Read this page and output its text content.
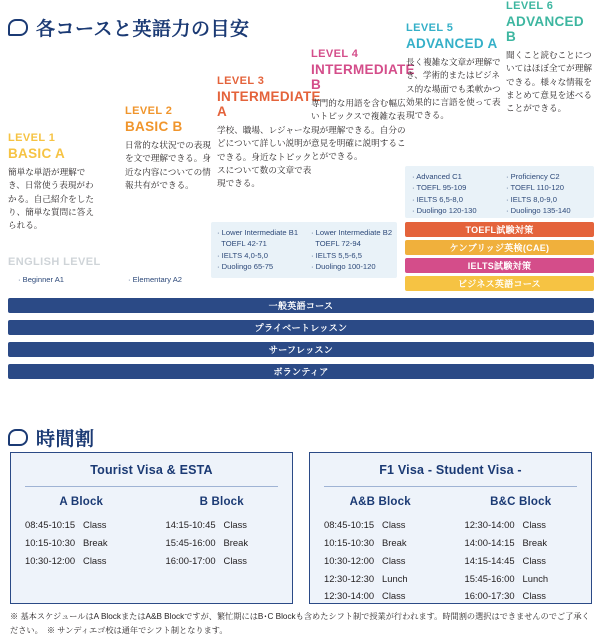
各コースと英語力の目安
LEVEL 1
BASIC A
簡単な単語が理解でき、日常使う表現がわかる。自己紹介をしたり、簡単な質問に答えられる。
LEVEL 2
BASIC B
日常的な状況での表現を文で理解できる。身近な内容についての情報共有ができる。
LEVEL 3
INTERMEDIATE A
学校、職場、レジャーなどについて詳しい説明ができる。身近なトピックスについて数の文章で表現できる。
LEVEL 4
INTERMEDIATE B
専門的な用語を含む幅広いトピックスで複雑な表現が理解できる。自分の意見を明確に説明することができる。
LEVEL 5
ADVANCED A
長く複雑な文章が理解でき、学術的またはビジネス的な場面でも柔軟かつ効果的に言語を使って表現できる。
LEVEL 6
ADVANCED B
聞くこと読むことについてはほぼ全てが理解できる。様々な情報をまとめて意見を述べることができる。
ENGLISH LEVEL
· Beginner A1	· Elementary A2
· Lower Intermediate B1
TOEFL 42-71
· IELTS 4,0-5,0
· Duolingo 65-75
· Lower Intermediate B2
TOEFL 72-94
· IELTS 5,5-6,5
· Duolingo 100-120
· Advanced C1
· TOEFL 95-109
· IELTS 6,5-8,0
· Duolingo 120-130
· Proficiency C2
· TOEFL 110-120
· IELTS 8,0-9,0
· Duolingo 135-140
TOEFL試験対策
ケンブリッジ英検(CAE)
IELTS試験対策
ビジネス英語コース
一般英語コース
プライベートレッスン
サーフレッスン
ボランティア
時間割
Tourist Visa & ESTA
A Block
08:45-10:15 Class
10:15-10:30 Break
10:30-12:00 Class
B Block
14:15-10:45 Class
15:45-16:00 Break
16:00-17:00 Class
F1 Visa - Student Visa -
A&B Block
08:45-10:15 Class
10:15-10:30 Break
10:30-12:00 Class
12:30-12:30 Lunch
12:30-14:00 Class
B&C Block
12:30-14:00 Class
14:00-14:15 Break
14:15-14:45 Class
15:45-16:00 Lunch
16:00-17:30 Class
※ 基本スケジュールはA BlockまたはA&B Blockですが、繁忙期にはB･C Blockも含めたシフト制で授業が行われます。時間割の選択はできませんのでご了承ください。　※ サンディエゴ校は通年でシフト制となります。
